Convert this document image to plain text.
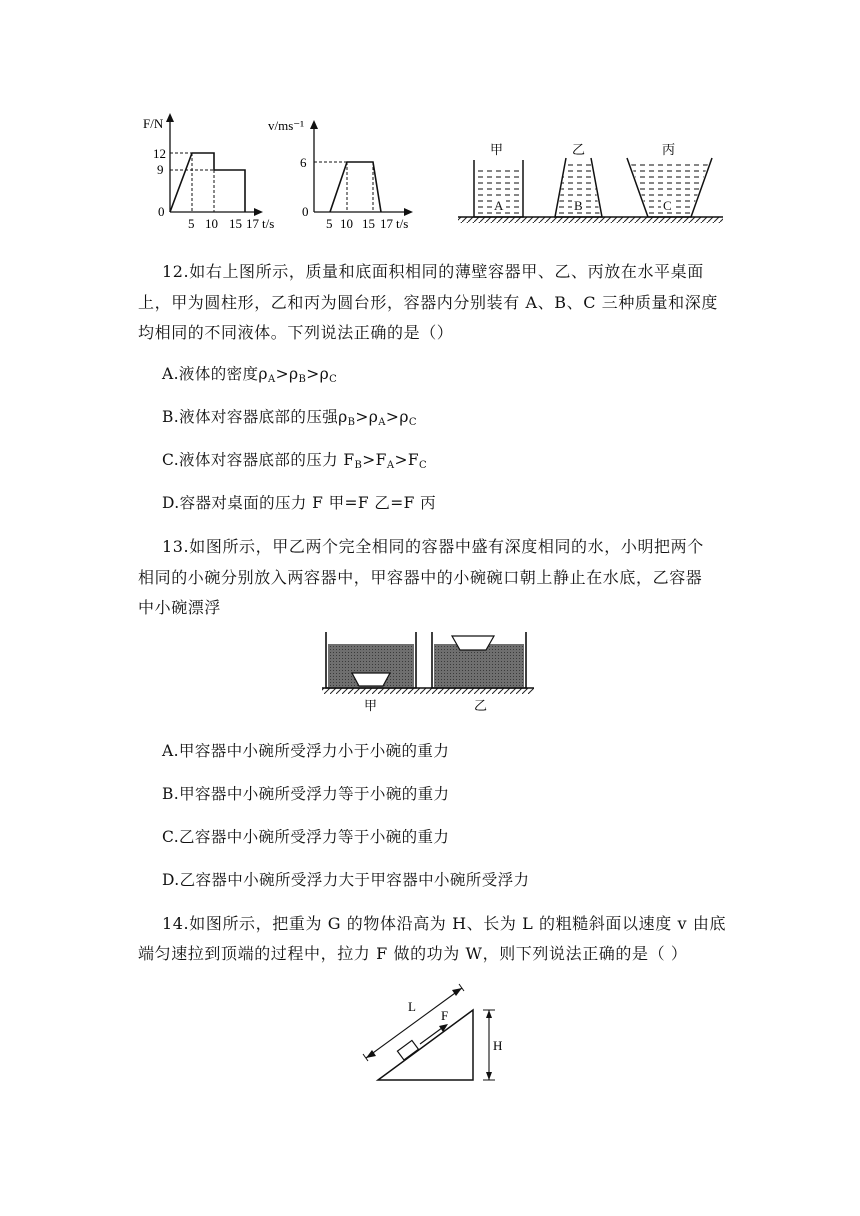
F/N
12
9
0
5 10 15 17 t/s
v/ms⁻¹
6
0
5 10 15 17 t/s
甲	乙	丙
A	B	C
12.如右上图所示，质量和底面积相同的薄壁容器甲、乙、丙放在水平桌面
上，甲为圆柱形，乙和丙为圆台形，容器内分别装有 A、B、C 三种质量和深度
均相同的不同液体。下列说法正确的是（）
A.液体的密度$\rho_A>\rho_B>\rho_C$
B.液体对容器底部的压强$\rho_B>\rho_A>\rho_C$
C.液体对容器底部的压力 $F_B>F_A>F_C$
D.容器对桌面的压力 F 甲=F 乙=F 丙
13.如图所示，甲乙两个完全相同的容器中盛有深度相同的水，小明把两个
相同的小碗分别放入两容器中，甲容器中的小碗碗口朝上静止在水底，乙容器
中小碗漂浮
甲	乙
A.甲容器中小碗所受浮力小于小碗的重力
B.甲容器中小碗所受浮力等于小碗的重力
C.乙容器中小碗所受浮力等于小碗的重力
D.乙容器中小碗所受浮力大于甲容器中小碗所受浮力
14.如图所示，把重为 G 的物体沿高为 H、长为 L 的粗糙斜面以速度 v 由底
端匀速拉到顶端的过程中，拉力 F 做的功为 W，则下列说法正确的是（ ）
L
F
H
